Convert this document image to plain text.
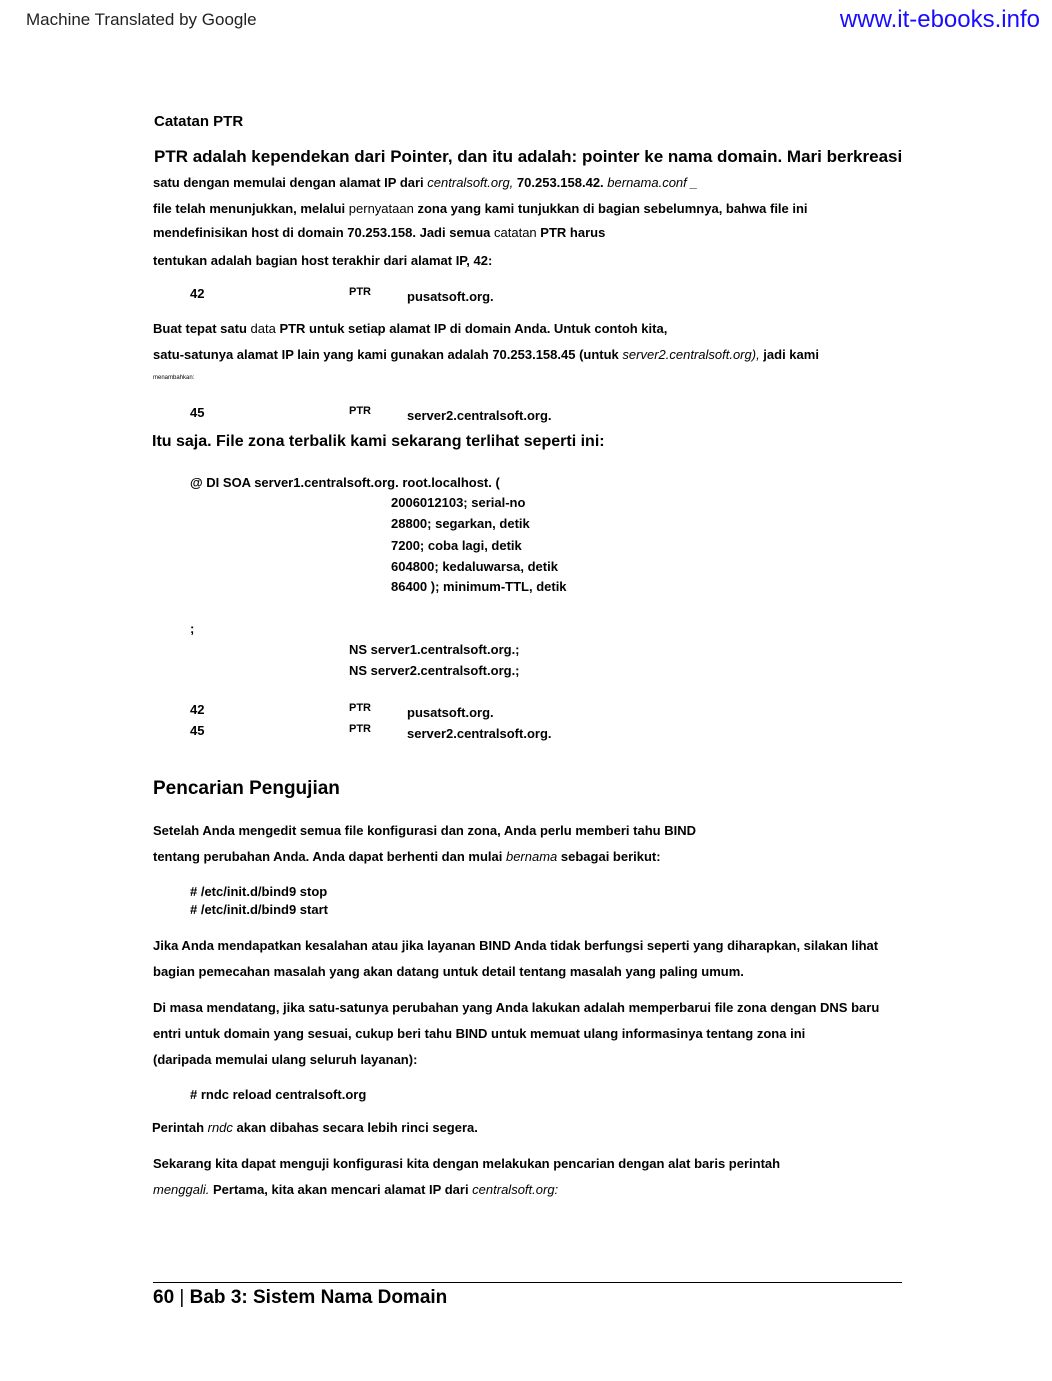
Machine Translated by Google	www.it-ebooks.info
Catatan PTR
PTR adalah kependekan dari Pointer, dan itu adalah: pointer ke nama domain. Mari berkreasi
satu dengan memulai dengan alamat IP dari centralsoft.org, 70.253.158.42. bernama.conf _
file telah menunjukkan, melalui pernyataan zona yang kami tunjukkan di bagian sebelumnya, bahwa file ini
mendefinisikan host di domain 70.253.158. Jadi semua catatan PTR harus
tentukan adalah bagian host terakhir dari alamat IP, 42:
42	PTR	pusatsoft.org.
Buat tepat satu data PTR untuk setiap alamat IP di domain Anda. Untuk contoh kita,
satu-satunya alamat IP lain yang kami gunakan adalah 70.253.158.45 (untuk server2.centralsoft.org), jadi kami
menambahkan:
45	PTR	server2.centralsoft.org.
Itu saja. File zona terbalik kami sekarang terlihat seperti ini:
@ DI SOA server1.centralsoft.org. root.localhost. (
2006012103; serial-no
28800; segarkan, detik
7200; coba lagi, detik
604800; kedaluwarsa, detik
86400 ); minimum-TTL, detik
;
NS server1.centralsoft.org.;
NS server2.centralsoft.org.;
42	PTR	pusatsoft.org.
45	PTR	server2.centralsoft.org.
Pencarian Pengujian
Setelah Anda mengedit semua file konfigurasi dan zona, Anda perlu memberi tahu BIND
tentang perubahan Anda. Anda dapat berhenti dan mulai bernama sebagai berikut:
# /etc/init.d/bind9 stop
# /etc/init.d/bind9 start
Jika Anda mendapatkan kesalahan atau jika layanan BIND Anda tidak berfungsi seperti yang diharapkan, silakan lihat
bagian pemecahan masalah yang akan datang untuk detail tentang masalah yang paling umum.
Di masa mendatang, jika satu-satunya perubahan yang Anda lakukan adalah memperbarui file zona dengan DNS baru
entri untuk domain yang sesuai, cukup beri tahu BIND untuk memuat ulang informasinya tentang zona ini
(daripada memulai ulang seluruh layanan):
# rndc reload centralsoft.org
Perintah rndc akan dibahas secara lebih rinci segera.
Sekarang kita dapat menguji konfigurasi kita dengan melakukan pencarian dengan alat baris perintah
menggali. Pertama, kita akan mencari alamat IP dari centralsoft.org:
60 | Bab 3: Sistem Nama Domain
